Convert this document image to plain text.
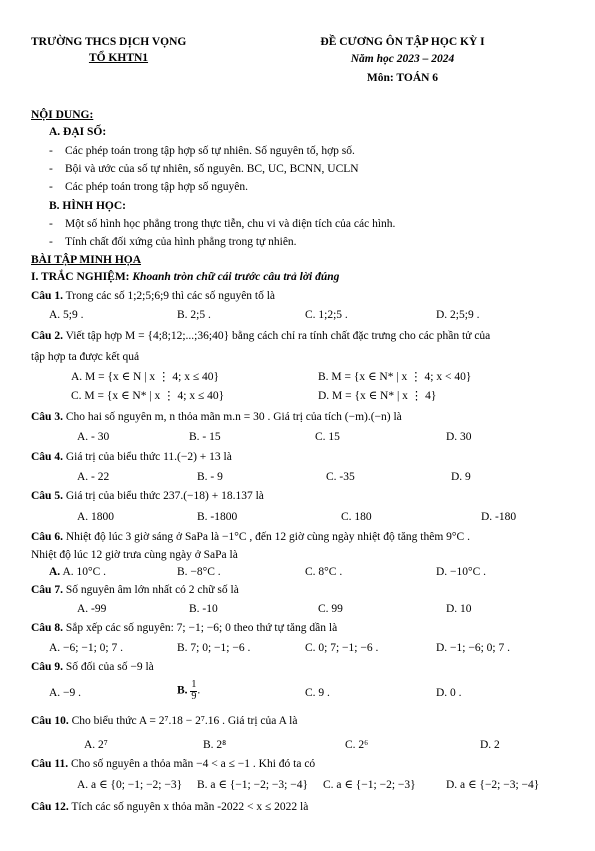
TRƯỜNG THCS DỊCH VỌNG
TỔ KHTN1
ĐỀ CƯƠNG ÔN TẬP HỌC KỲ I
Năm học 2023 – 2024
Môn: TOÁN 6
NỘI DUNG:
A. ĐẠI SỐ:
- Các phép toán trong tập hợp số tự nhiên. Số nguyên tố, hợp số.
- Bội và ước của số tự nhiên, số nguyên. BC, UC, BCNN, UCLN
- Các phép toán trong tập hợp số nguyên.
B. HÌNH HỌC:
- Một số hình học phẳng trong thực tiễn, chu vi và diện tích của các hình.
- Tính chất đối xứng của hình phẳng trong tự nhiên.
BÀI TẬP MINH HỌA
I. TRẮC NGHIỆM: Khoanh tròn chữ cái trước câu trả lời đúng
Câu 1. Trong các số 1;2;5;6;9 thì các số nguyên tố là
A. 5;9 .	B. 2;5 .	C. 1;2;5 .	D. 2;5;9 .
Câu 2. Viết tập hợp M = {4;8;12;...;36;40} bằng cách chỉ ra tính chất đặc trưng cho các phần tử của
tập hợp ta được kết quả
A. M = {x ∈ N | x ⋮ 4; x ≤ 40}	B. M = {x ∈ N* | x ⋮ 4; x < 40}
C. M = {x ∈ N* | x ⋮ 4; x ≤ 40}	D. M = {x ∈ N* | x ⋮ 4}
Câu 3. Cho hai số nguyên m, n thỏa mãn m.n = 30 . Giá trị của tích (−m).(−n) là
A. - 30	B. - 15	C. 15	D. 30
Câu 4. Giá trị của biểu thức 11.(−2) + 13 là
A. - 22	B. - 9	C. -35	D. 9
Câu 5. Giá trị của biểu thức 237.(−18) + 18.137 là
A. 1800	B. -1800	C. 180	D. -180
Câu 6. Nhiệt độ lúc 3 giờ sáng ở SaPa là −1°C , đến 12 giờ cùng ngày nhiệt độ tăng thêm 9°C .
Nhiệt độ lúc 12 giờ trưa cùng ngày ở SaPa là
A. A. 10°C .	B. −8°C .	C. 8°C .	D. −10°C .
Câu 7. Số nguyên âm lớn nhất có 2 chữ số là
A. -99	B. -10	C. 99	D. 10
Câu 8. Sắp xếp các số nguyên: 7; −1; −6; 0 theo thứ tự tăng dần là
A. −6; −1; 0; 7 .	B. 7; 0; −1; −6 .	C. 0; 7; −1; −6 .	D. −1; −6; 0; 7 .
Câu 9. Số đối của số −9 là
A. −9 .	B. $\frac{1}{9}$ .	C. 9 .	D. 0 .
Câu 10. Cho biểu thức A = 2⁷.18 − 2⁷.16 . Giá trị của A là
A. 2⁷	B. 2⁸	C. 2⁶	D. 2
Câu 11. Cho số nguyên a thỏa mãn −4 < a ≤ −1 . Khi đó ta có
A. a ∈ {0; −1; −2; −3} B. a ∈ {−1; −2; −3; −4} C. a ∈ {−1; −2; −3}	D. a ∈ {−2; −3; −4}
Câu 12. Tích các số nguyên x thỏa mãn -2022 < x ≤ 2022 là
